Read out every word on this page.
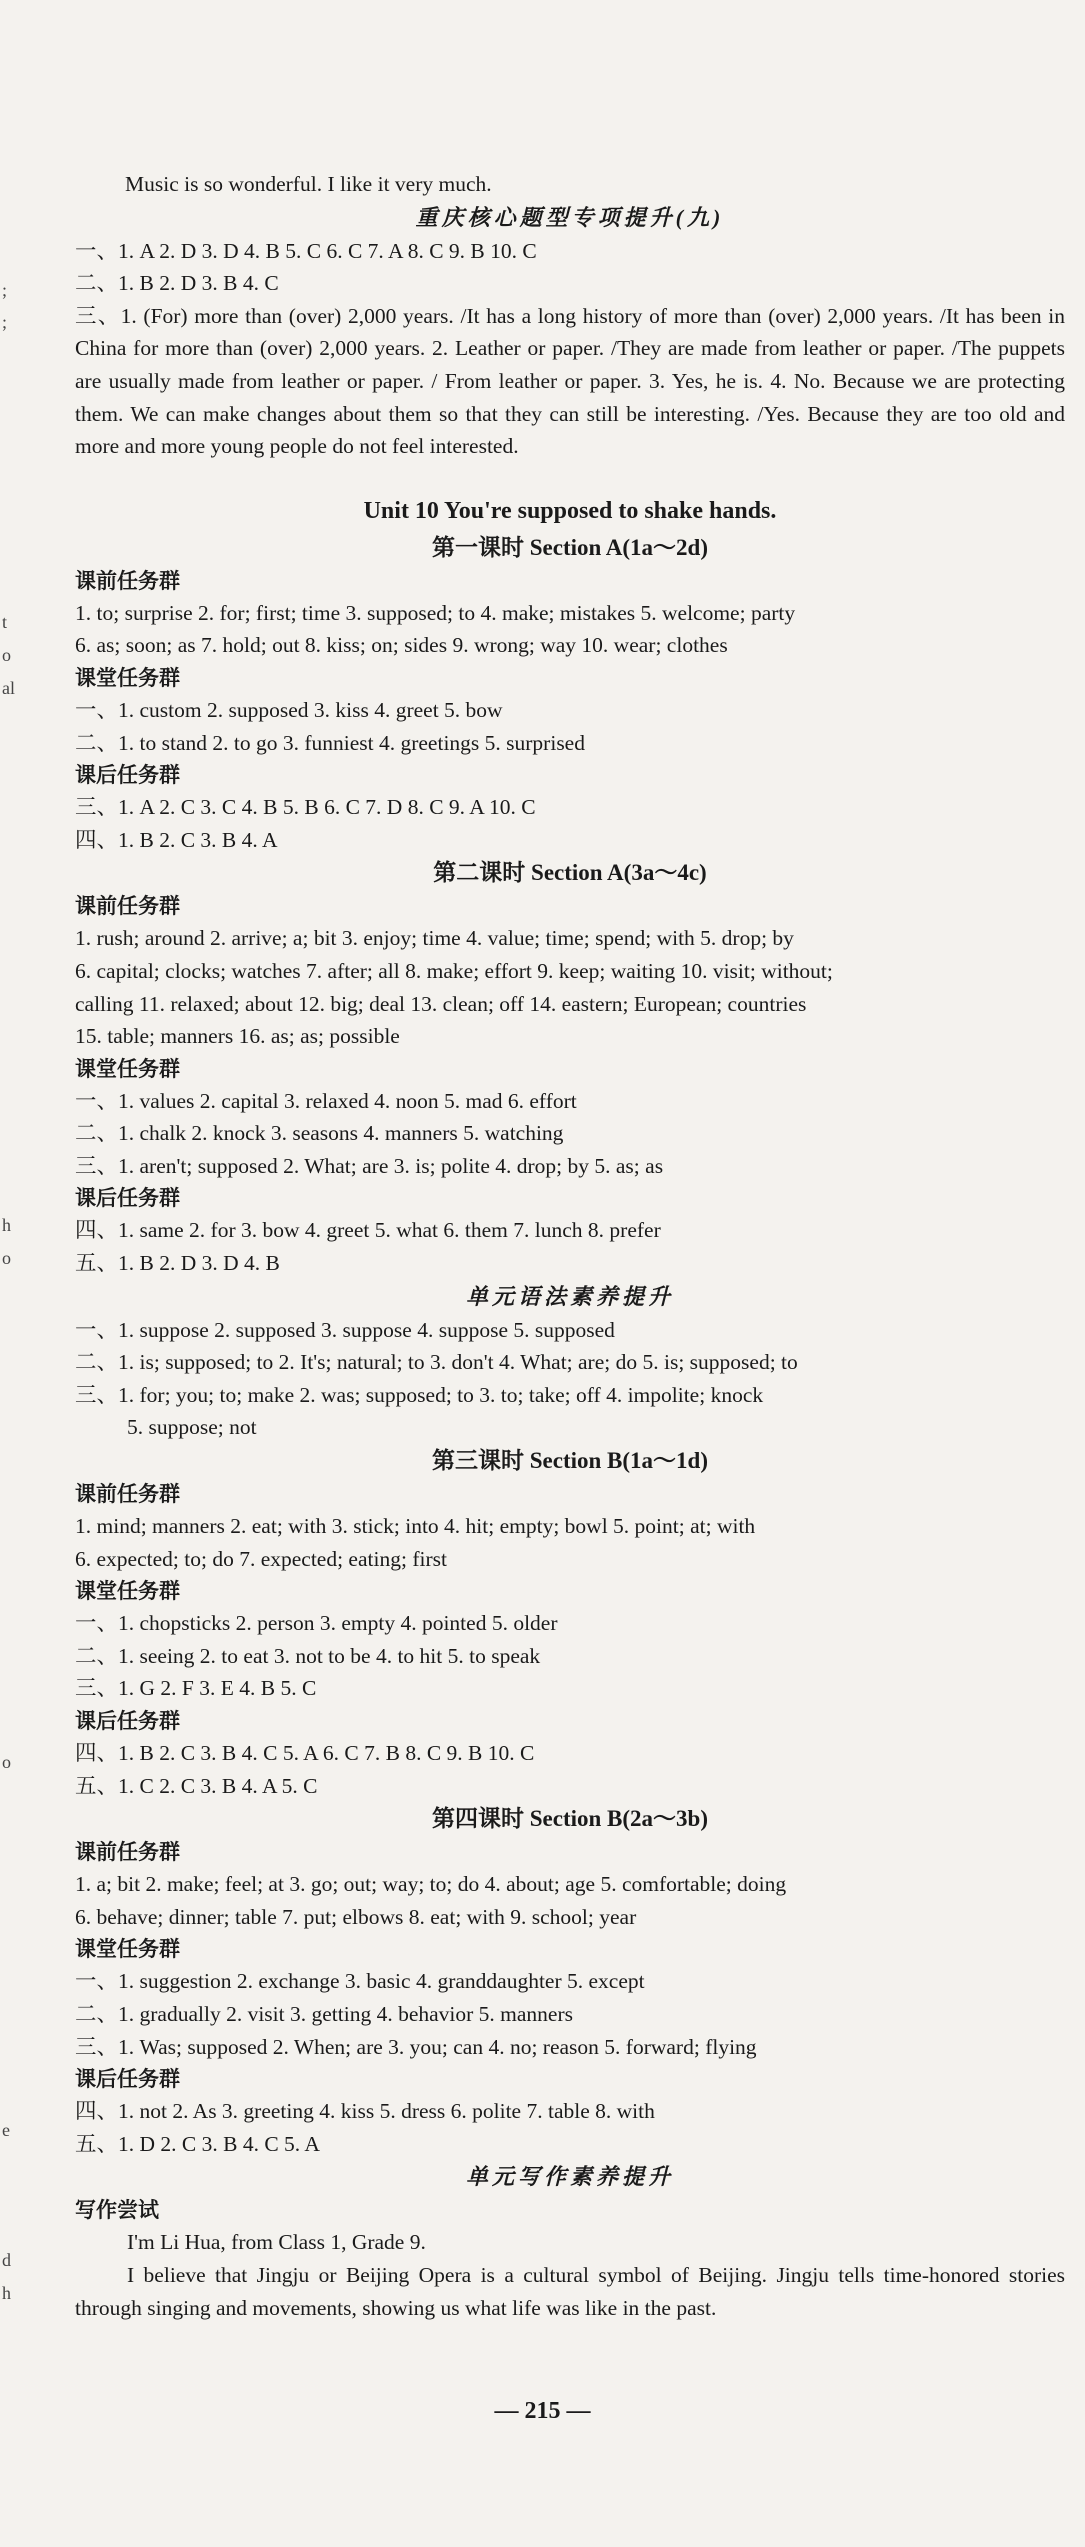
;
;
t
o
al
h
o
o
e
d
h
Music is so wonderful. I like it very much.
重庆核心题型专项提升(九)
一、1. A 2. D 3. D 4. B 5. C 6. C 7. A 8. C 9. B 10. C
二、1. B 2. D 3. B 4. C
三、1. (For) more than (over) 2,000 years. /It has a long history of more than (over) 2,000 years. /It has been in China for more than (over) 2,000 years. 2. Leather or paper. /They are made from leather or paper. /The puppets are usually made from leather or paper. / From leather or paper. 3. Yes, he is. 4. No. Because we are protecting them. We can make changes about them so that they can still be interesting. /Yes. Because they are too old and more and more young people do not feel interested.
Unit 10 You're supposed to shake hands.
第一课时 Section A(1a～2d)
课前任务群
1. to; surprise 2. for; first; time 3. supposed; to 4. make; mistakes 5. welcome; party
6. as; soon; as 7. hold; out 8. kiss; on; sides 9. wrong; way 10. wear; clothes
课堂任务群
一、1. custom 2. supposed 3. kiss 4. greet 5. bow
二、1. to stand 2. to go 3. funniest 4. greetings 5. surprised
课后任务群
三、1. A 2. C 3. C 4. B 5. B 6. C 7. D 8. C 9. A 10. C
四、1. B 2. C 3. B 4. A
第二课时 Section A(3a～4c)
课前任务群
1. rush; around 2. arrive; a; bit 3. enjoy; time 4. value; time; spend; with 5. drop; by
6. capital; clocks; watches 7. after; all 8. make; effort 9. keep; waiting 10. visit; without;
calling 11. relaxed; about 12. big; deal 13. clean; off 14. eastern; European; countries
15. table; manners 16. as; as; possible
课堂任务群
一、1. values 2. capital 3. relaxed 4. noon 5. mad 6. effort
二、1. chalk 2. knock 3. seasons 4. manners 5. watching
三、1. aren't; supposed 2. What; are 3. is; polite 4. drop; by 5. as; as
课后任务群
四、1. same 2. for 3. bow 4. greet 5. what 6. them 7. lunch 8. prefer
五、1. B 2. D 3. D 4. B
单元语法素养提升
一、1. suppose 2. supposed 3. suppose 4. suppose 5. supposed
二、1. is; supposed; to 2. It's; natural; to 3. don't 4. What; are; do 5. is; supposed; to
三、1. for; you; to; make 2. was; supposed; to 3. to; take; off 4. impolite; knock
5. suppose; not
第三课时 Section B(1a～1d)
课前任务群
1. mind; manners 2. eat; with 3. stick; into 4. hit; empty; bowl 5. point; at; with
6. expected; to; do 7. expected; eating; first
课堂任务群
一、1. chopsticks 2. person 3. empty 4. pointed 5. older
二、1. seeing 2. to eat 3. not to be 4. to hit 5. to speak
三、1. G 2. F 3. E 4. B 5. C
课后任务群
四、1. B 2. C 3. B 4. C 5. A 6. C 7. B 8. C 9. B 10. C
五、1. C 2. C 3. B 4. A 5. C
第四课时 Section B(2a～3b)
课前任务群
1. a; bit 2. make; feel; at 3. go; out; way; to; do 4. about; age 5. comfortable; doing
6. behave; dinner; table 7. put; elbows 8. eat; with 9. school; year
课堂任务群
一、1. suggestion 2. exchange 3. basic 4. granddaughter 5. except
二、1. gradually 2. visit 3. getting 4. behavior 5. manners
三、1. Was; supposed 2. When; are 3. you; can 4. no; reason 5. forward; flying
课后任务群
四、1. not 2. As 3. greeting 4. kiss 5. dress 6. polite 7. table 8. with
五、1. D 2. C 3. B 4. C 5. A
单元写作素养提升
写作尝试
I'm Li Hua, from Class 1, Grade 9.
I believe that Jingju or Beijing Opera is a cultural symbol of Beijing. Jingju tells time-honored stories through singing and movements, showing us what life was like in the past.
— 215 —
